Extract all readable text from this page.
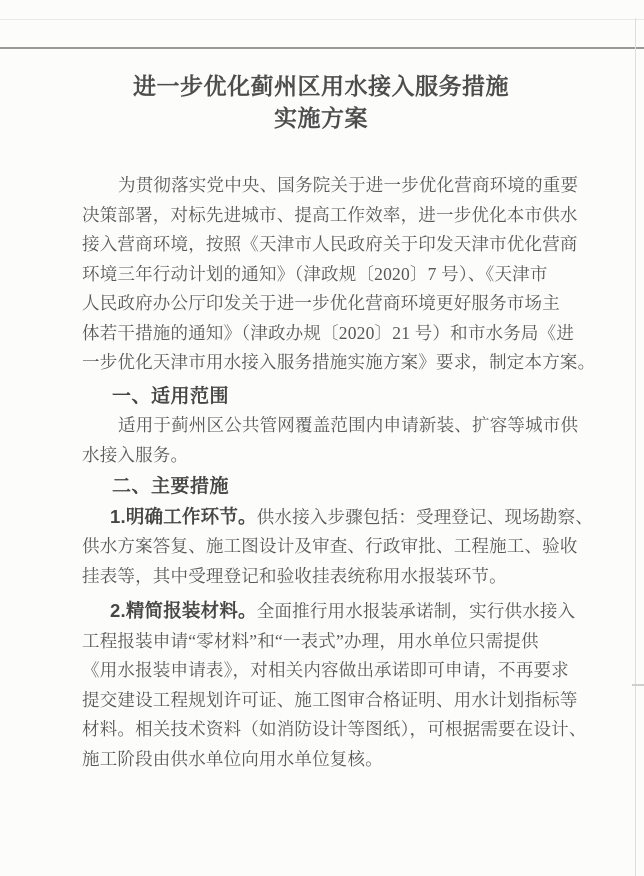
进一步优化蓟州区用水接入服务措施
实施方案
为贯彻落实党中央、国务院关于进一步优化营商环境的重要
决策部署，对标先进城市、提高工作效率，进一步优化本市供水
接入营商环境，按照《天津市人民政府关于印发天津市优化营商
环境三年行动计划的通知》（津政规〔2020〕7 号）、《天津市
人民政府办公厅印发关于进一步优化营商环境更好服务市场主
体若干措施的通知》（津政办规〔2020〕21 号）和市水务局《进
一步优化天津市用水接入服务措施实施方案》要求，制定本方案。
一、适用范围
适用于蓟州区公共管网覆盖范围内申请新装、扩容等城市供
水接入服务。
二、主要措施
1.明确工作环节。供水接入步骤包括：受理登记、现场勘察、
供水方案答复、施工图设计及审查、行政审批、工程施工、验收
挂表等，其中受理登记和验收挂表统称用水报装环节。
2.精简报装材料。全面推行用水报装承诺制，实行供水接入
工程报装申请“零材料”和“一表式”办理，用水单位只需提供
《用水报装申请表》，对相关内容做出承诺即可申请，不再要求
提交建设工程规划许可证、施工图审合格证明、用水计划指标等
材料。相关技术资料（如消防设计等图纸），可根据需要在设计、
施工阶段由供水单位向用水单位复核。
